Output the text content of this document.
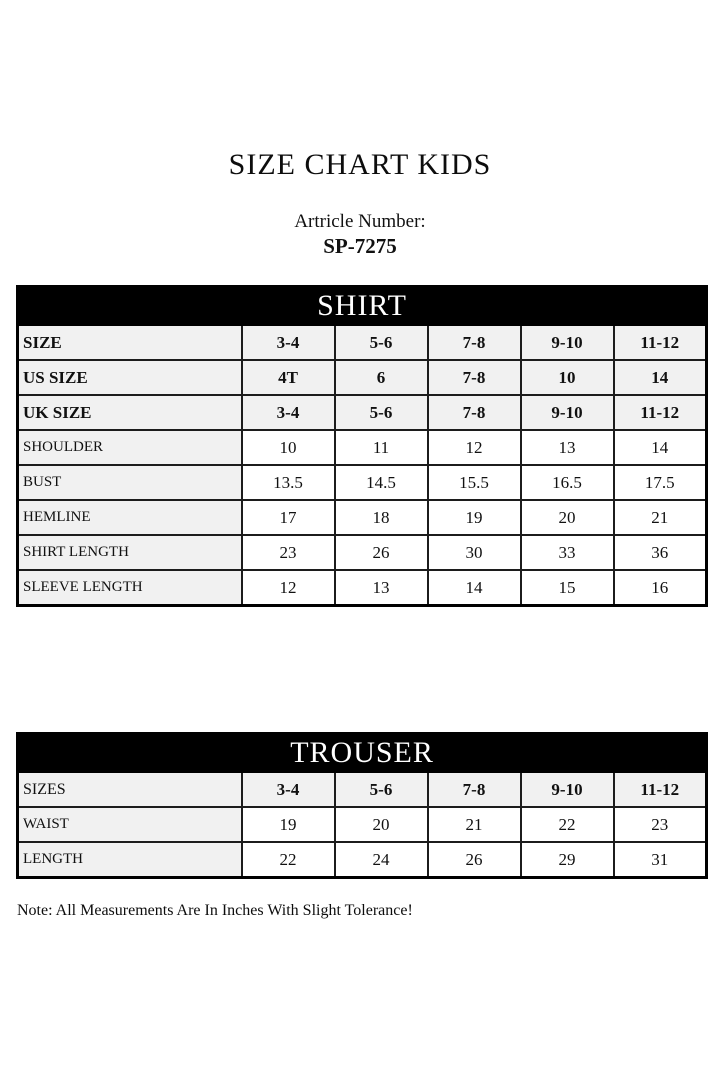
SIZE CHART KIDS
Artricle Number:
SP-7275
SHIRT					
SIZE	3-4	5-6	7-8	9-10	11-12
US SIZE	4T	6	7-8	10	14
UK SIZE	3-4	5-6	7-8	9-10	11-12
SHOULDER	10	11	12	13	14
BUST	13.5	14.5	15.5	16.5	17.5
HEMLINE	17	18	19	20	21
SHIRT LENGTH	23	26	30	33	36
SLEEVE LENGTH	12	13	14	15	16
TROUSER					
SIZES	3-4	5-6	7-8	9-10	11-12
WAIST	19	20	21	22	23
LENGTH	22	24	26	29	31
Note: All Measurements Are In Inches With Slight Tolerance!
